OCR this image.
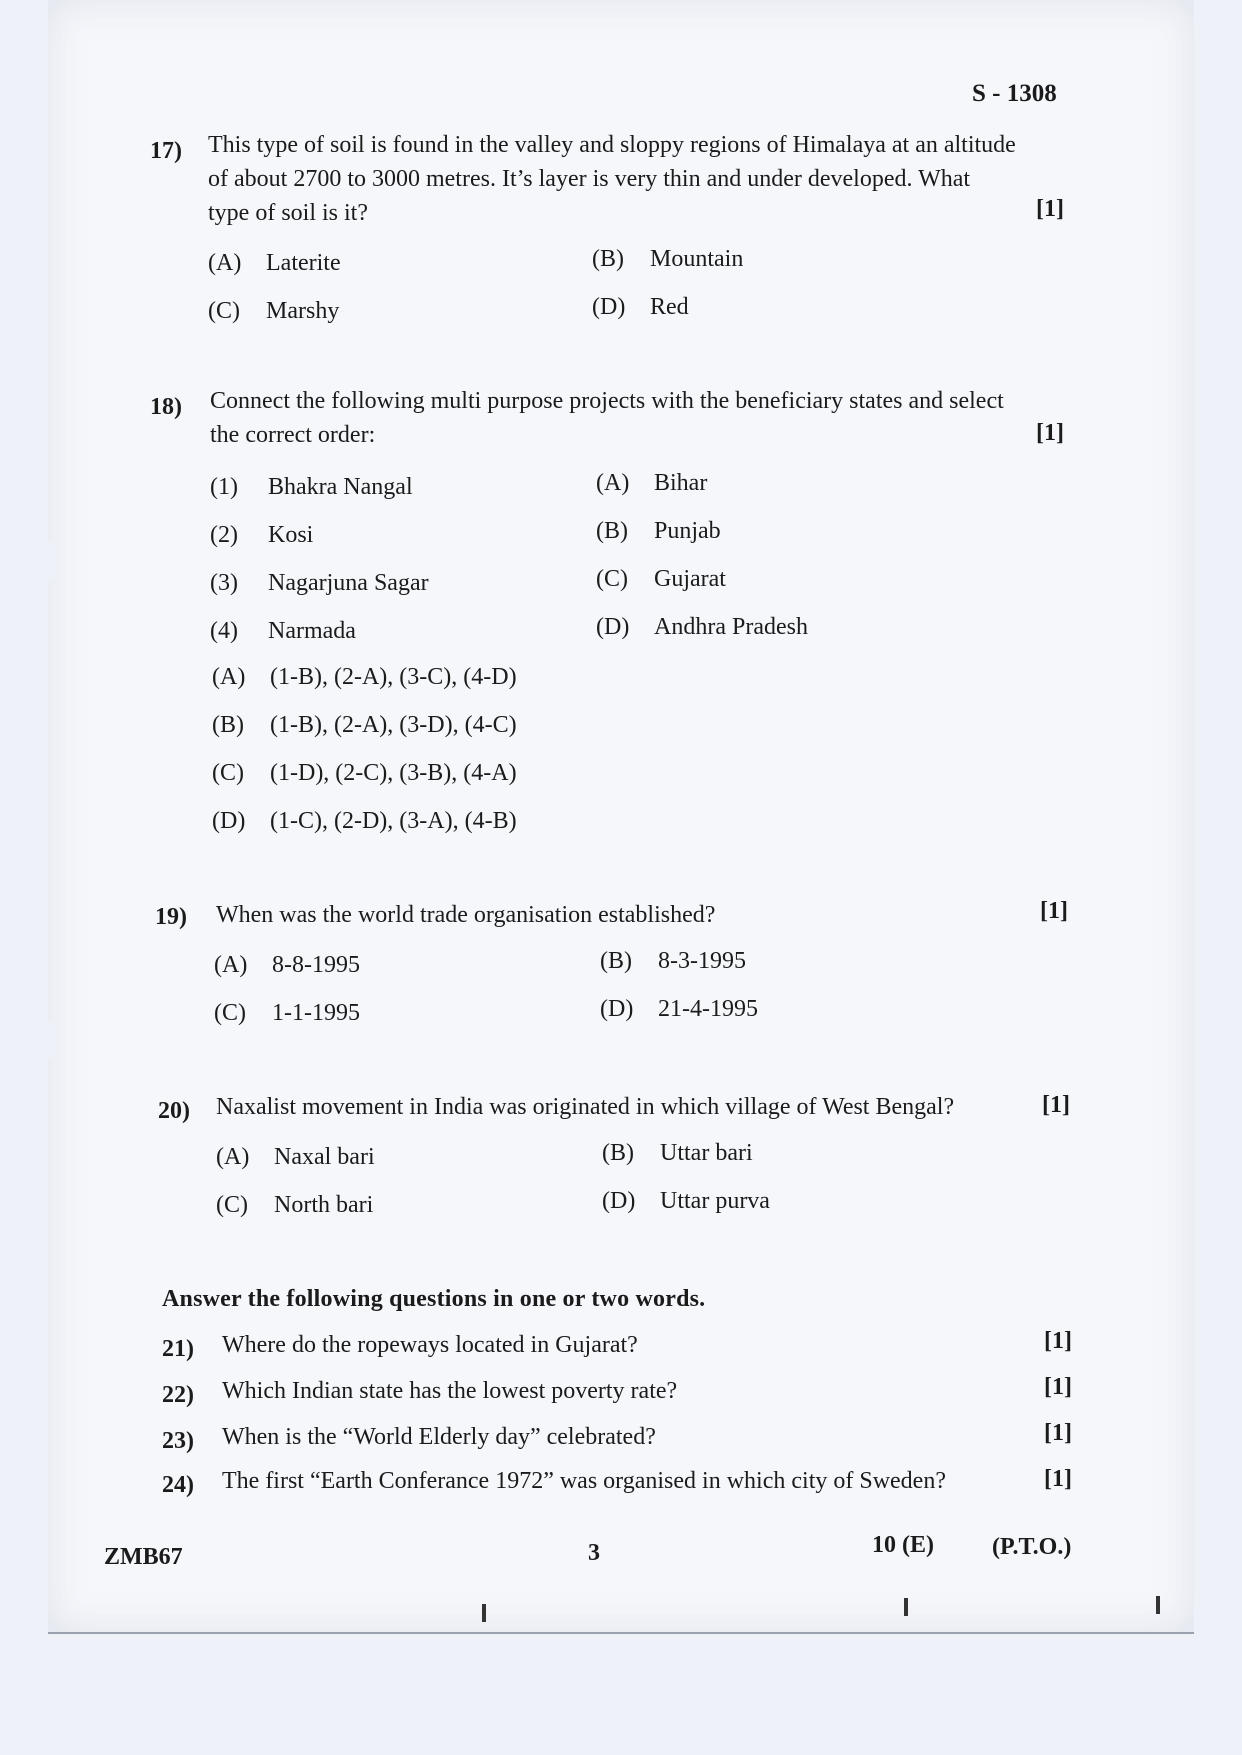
S - 1308
17) This type of soil is found in the valley and sloppy regions of Himalaya at an altitude
of about 2700 to 3000 metres. It’s layer is very thin and under developed. What
type of soil is it?	[1]
(A) Laterite	(B) Mountain
(C) Marshy	(D) Red
18) Connect the following multi purpose projects with the beneficiary states and select
the correct order:	[1]
(1) Bhakra Nangal	(A) Bihar
(2) Kosi	(B) Punjab
(3) Nagarjuna Sagar	(C) Gujarat
(4) Narmada	(D) Andhra Pradesh
(A) (1-B), (2-A), (3-C), (4-D)
(B) (1-B), (2-A), (3-D), (4-C)
(C) (1-D), (2-C), (3-B), (4-A)
(D) (1-C), (2-D), (3-A), (4-B)
19) When was the world trade organisation established?	[1]
(A) 8-8-1995	(B) 8-3-1995
(C) 1-1-1995	(D) 21-4-1995
20) Naxalist movement in India was originated in which village of West Bengal?	[1]
(A) Naxal bari	(B) Uttar bari
(C) North bari	(D) Uttar purva
Answer the following questions in one or two words.
21) Where do the ropeways located in Gujarat?	[1]
22) Which Indian state has the lowest poverty rate?	[1]
23) When is the “World Elderly day” celebrated?	[1]
24) The first “Earth Conferance 1972” was organised in which city of Sweden?	[1]
ZMB67	3	10 (E) (P.T.O.)
